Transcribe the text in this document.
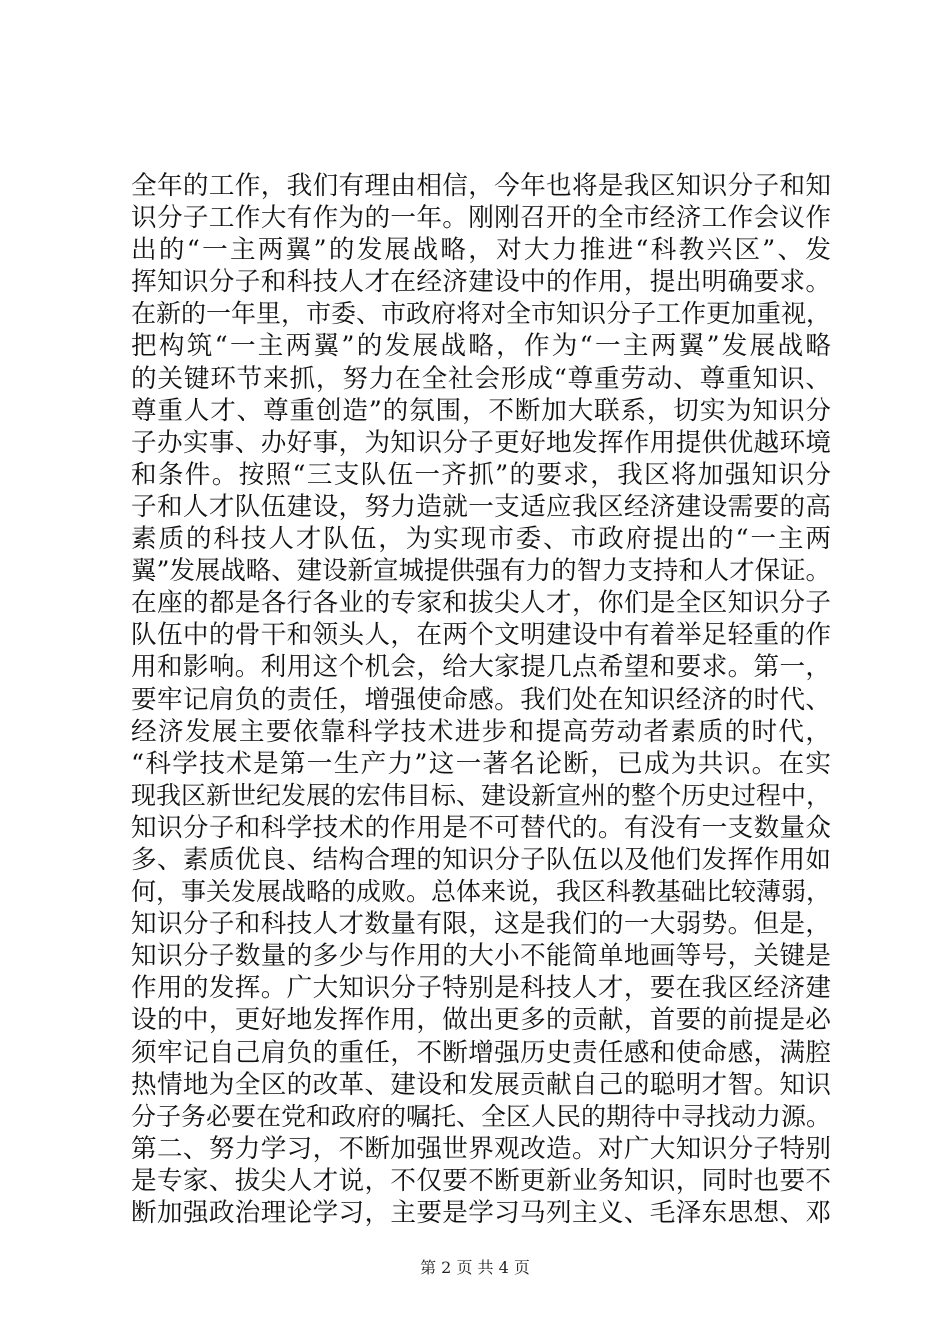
全年的工作，我们有理由相信，今年也将是我区知识分子和知
识分子工作大有作为的一年。刚刚召开的全市经济工作会议作
出的“一主两翼”的发展战略，对大力推进“科教兴区”、发
挥知识分子和科技人才在经济建设中的作用，提出明确要求。
在新的一年里，市委、市政府将对全市知识分子工作更加重视，
把构筑“一主两翼”的发展战略，作为“一主两翼”发展战略
的关键环节来抓，努力在全社会形成“尊重劳动、尊重知识、
尊重人才、尊重创造”的氛围，不断加大联系，切实为知识分
子办实事、办好事，为知识分子更好地发挥作用提供优越环境
和条件。按照“三支队伍一齐抓”的要求，我区将加强知识分
子和人才队伍建设，努力造就一支适应我区经济建设需要的高
素质的科技人才队伍，为实现市委、市政府提出的“一主两
翼”发展战略、建设新宣城提供强有力的智力支持和人才保证。
在座的都是各行各业的专家和拔尖人才，你们是全区知识分子
队伍中的骨干和领头人，在两个文明建设中有着举足轻重的作
用和影响。利用这个机会，给大家提几点希望和要求。第一，
要牢记肩负的责任，增强使命感。我们处在知识经济的时代、
经济发展主要依靠科学技术进步和提高劳动者素质的时代，
“科学技术是第一生产力”这一著名论断，已成为共识。在实
现我区新世纪发展的宏伟目标、建设新宣州的整个历史过程中，
知识分子和科学技术的作用是不可替代的。有没有一支数量众
多、素质优良、结构合理的知识分子队伍以及他们发挥作用如
何，事关发展战略的成败。总体来说，我区科教基础比较薄弱，
知识分子和科技人才数量有限，这是我们的一大弱势。但是，
知识分子数量的多少与作用的大小不能简单地画等号，关键是
作用的发挥。广大知识分子特别是科技人才，要在我区经济建
设的中，更好地发挥作用，做出更多的贡献，首要的前提是必
须牢记自己肩负的重任，不断增强历史责任感和使命感，满腔
热情地为全区的改革、建设和发展贡献自己的聪明才智。知识
分子务必要在党和政府的嘱托、全区人民的期待中寻找动力源。
第二、努力学习，不断加强世界观改造。对广大知识分子特别
是专家、拔尖人才说，不仅要不断更新业务知识，同时也要不
断加强政治理论学习，主要是学习马列主义、毛泽东思想、邓
第 2 页 共 4 页
